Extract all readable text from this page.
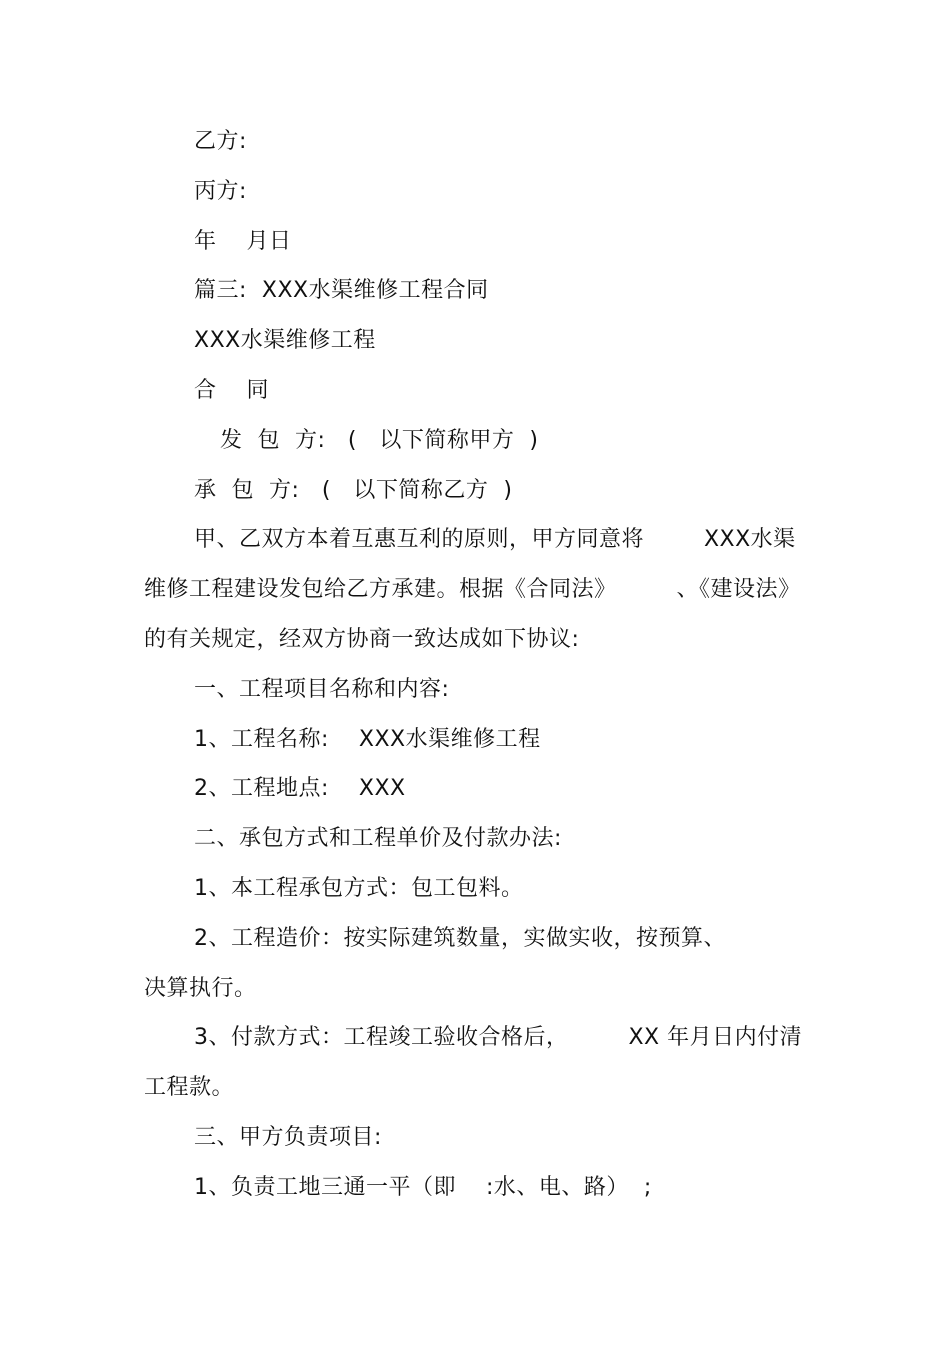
乙方:
丙方:
年    月日
篇三:  XXX水渠维修工程合同
XXX水渠维修工程
合    同
发  包  方:   (   以下简称甲方  )
承  包  方:   (   以下简称乙方  )
甲、乙双方本着互惠互利的原则，甲方同意将        XXX水渠
维修工程建设发包给乙方承建。根据《合同法》        、《建设法》
的有关规定，经双方协商一致达成如下协议:
一、工程项目名称和内容:
1、工程名称:    XXX水渠维修工程
2、工程地点:    XXX
二、承包方式和工程单价及付款办法:
1、本工程承包方式：包工包料。
2、工程造价：按实际建筑数量，实做实收，按预算、
决算执行。
3、付款方式：工程竣工验收合格后，        XX 年月日内付清
工程款。
三、甲方负责项目:
1、负责工地三通一平（即    :水、电、路）  ;
